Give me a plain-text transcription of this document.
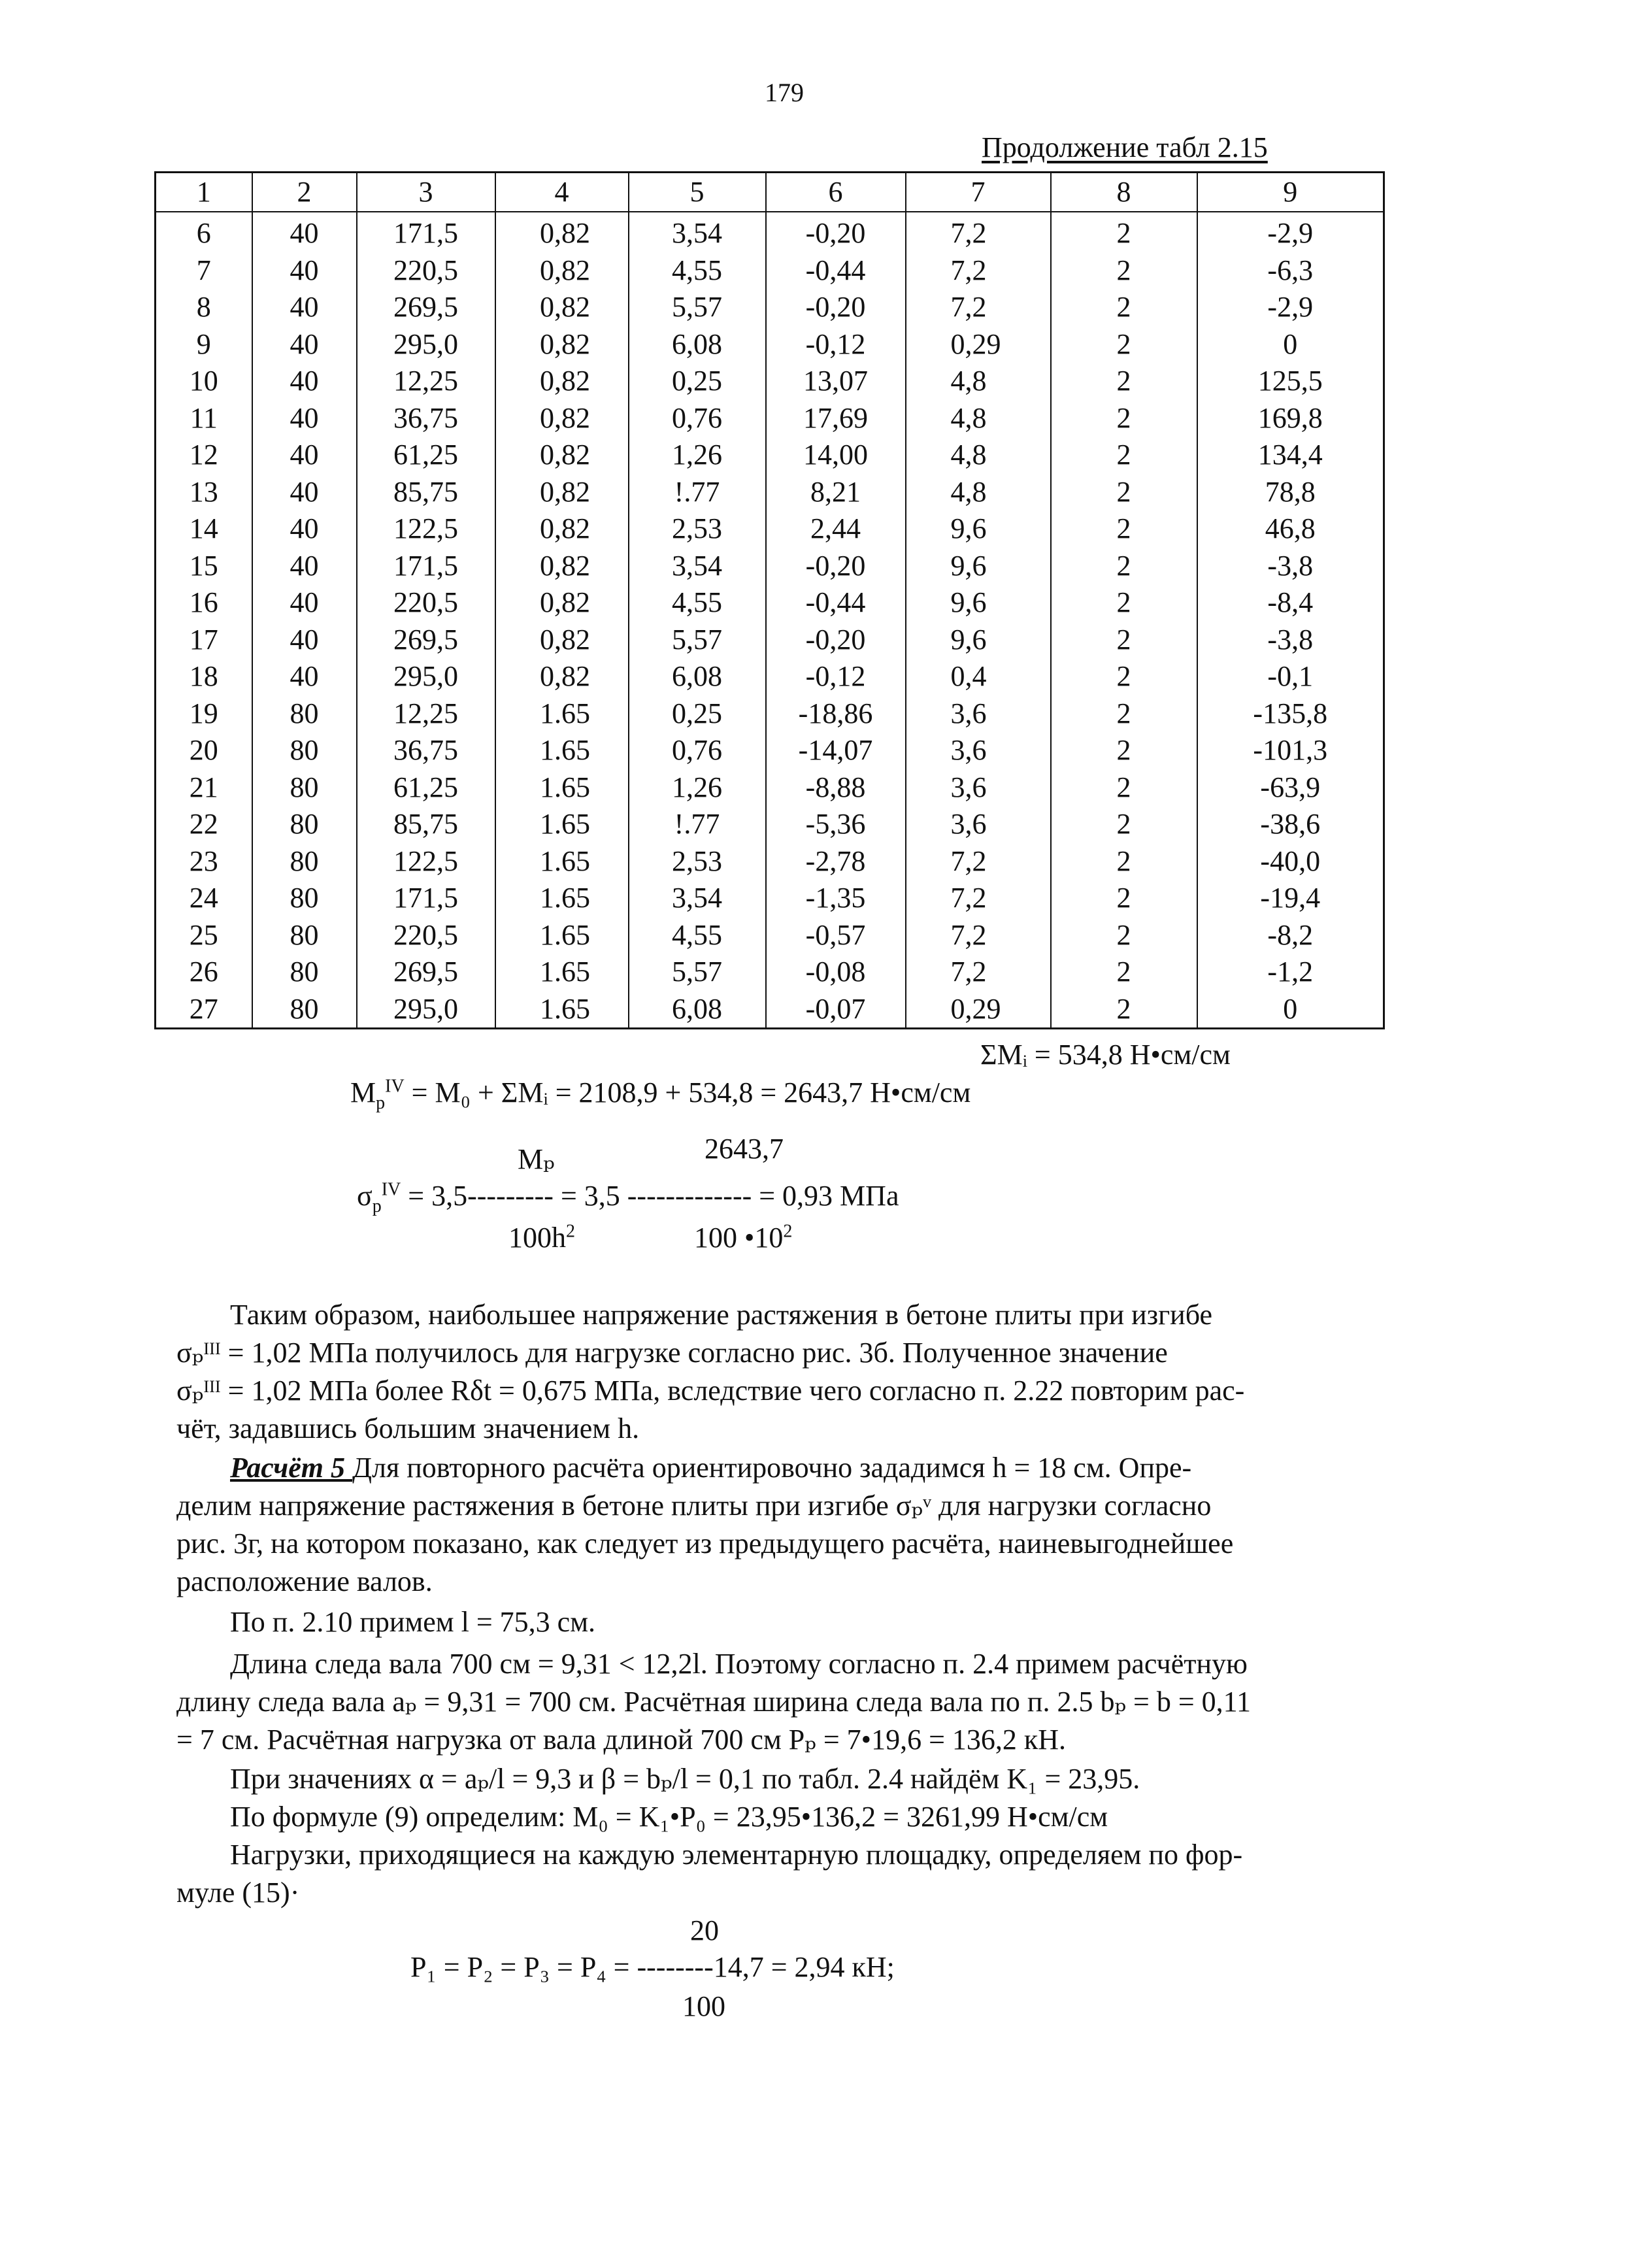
179
Продолжение табл 2.15
1	2	3	4	5	6	7	8	9
6	40	171,5	0,82	3,54	-0,20	7,2	2	-2,9
7	40	220,5	0,82	4,55	-0,44	7,2	2	-6,3
8	40	269,5	0,82	5,57	-0,20	7,2	2	-2,9
9	40	295,0	0,82	6,08	-0,12	0,29	2	0
10	40	12,25	0,82	0,25	13,07	4,8	2	125,5
11	40	36,75	0,82	0,76	17,69	4,8	2	169,8
12	40	61,25	0,82	1,26	14,00	4,8	2	134,4
13	40	85,75	0,82	!.77	8,21	4,8	2	78,8
14	40	122,5	0,82	2,53	2,44	9,6	2	46,8
15	40	171,5	0,82	3,54	-0,20	9,6	2	-3,8
16	40	220,5	0,82	4,55	-0,44	9,6	2	-8,4
17	40	269,5	0,82	5,57	-0,20	9,6	2	-3,8
18	40	295,0	0,82	6,08	-0,12	0,4	2	-0,1
19	80	12,25	1.65	0,25	-18,86	3,6	2	-135,8
20	80	36,75	1.65	0,76	-14,07	3,6	2	-101,3
21	80	61,25	1.65	1,26	-8,88	3,6	2	-63,9
22	80	85,75	1.65	!.77	-5,36	3,6	2	-38,6
23	80	122,5	1.65	2,53	-2,78	7,2	2	-40,0
24	80	171,5	1.65	3,54	-1,35	7,2	2	-19,4
25	80	220,5	1.65	4,55	-0,57	7,2	2	-8,2
26	80	269,5	1.65	5,57	-0,08	7,2	2	-1,2
27	80	295,0	1.65	6,08	-0,07	0,29	2	0
ΣMᵢ = 534,8 Н•см/см
$M_p^{IV} = M_0$ + ΣMᵢ = 2108,9 + 534,8 = 2643,7 Н•см/см
Mₚ	2643,7
$\sigma_p^{IV} = 3,5--------- = 3,5$ ------------- = 0,93 МПа
$100h^2$	100 $•10^2$
Таким образом, наибольшее напряжение растяжения в бетоне плиты при изгибе
σₚᴵᴵᴵ = 1,02 МПа получилось для нагрузке согласно рис. 3б. Полученное значение
σₚᴵᴵᴵ = 1,02 МПа более Rδt = 0,675 МПа, вследствие чего согласно п. 2.22 повторим рас-
чёт, задавшись большим значением h.
Расчёт 5 Для повторного расчёта ориентировочно зададимся h = 18 см. Опре-
делим напряжение растяжения в бетоне плиты при изгибе σₚᵛ для нагрузки согласно
рис. 3г, на котором показано, как следует из предыдущего расчёта, наиневыгоднейшее
расположение валов.
По п. 2.10 примем l = 75,3 см.
Длина следа вала 700 см = 9,31 < 12,2l. Поэтому согласно п. 2.4 примем расчётную
длину следа вала aₚ = 9,31 = 700 см. Расчётная ширина следа вала по п. 2.5 bₚ = b = 0,11
= 7 см. Расчётная нагрузка от вала длиной 700 см Pₚ = 7•19,6 = 136,2 кН.
При значениях α = aₚ/l = 9,3 и β = bₚ/l = 0,1 по табл. 2.4 найдём K₁ = 23,95.
По формуле (9) определим: M₀ = K₁•P₀ = 23,95•136,2 = 3261,99 Н•см/см
Нагрузки, приходящиеся на каждую элементарную площадку, определяем по фор-
муле (15)·
20
P₁ = P₂ = P₃ = P₄ = --------14,7 = 2,94 кН;
100
